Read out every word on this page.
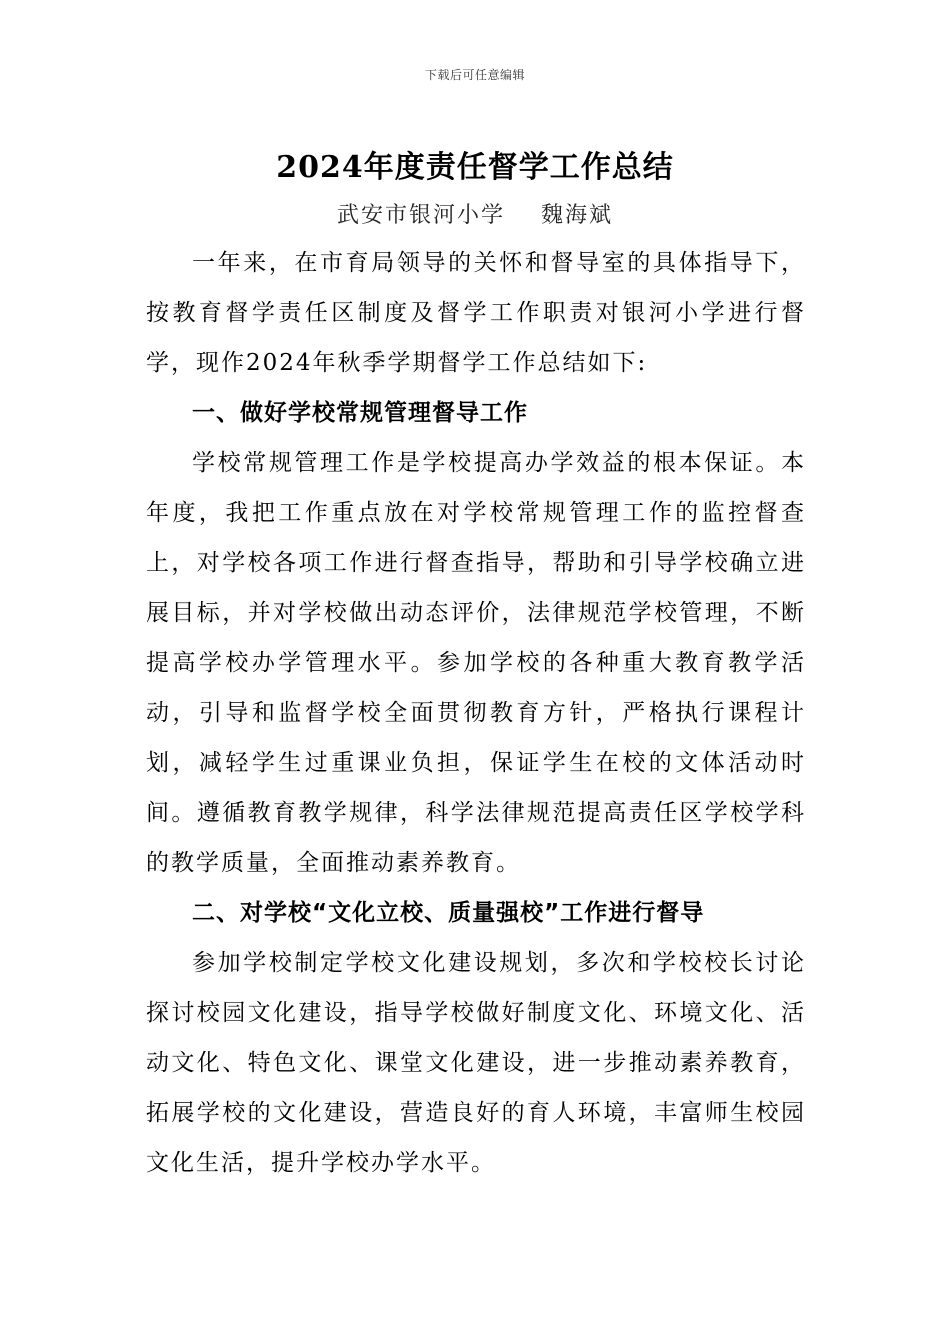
下载后可任意编辑
2024年度责任督学工作总结
武安市银河小学 魏海斌

一年来，在市育局领导的关怀和督导室的具体指导下，按教育督学责任区制度及督学工作职责对银河小学进行督学，现作2024年秋季学期督学工作总结如下:

一、做好学校常规管理督导工作

学校常规管理工作是学校提高办学效益的根本保证。本年度，我把工作重点放在对学校常规管理工作的监控督查上，对学校各项工作进行督查指导，帮助和引导学校确立进展目标，并对学校做出动态评价，法律规范学校管理，不断提高学校办学管理水平。参加学校的各种重大教育教学活动，引导和监督学校全面贯彻教育方针，严格执行课程计划，减轻学生过重课业负担，保证学生在校的文体活动时间。遵循教育教学规律，科学法律规范提高责任区学校学科的教学质量，全面推动素养教育。

二、对学校“文化立校、质量强校”工作进行督导

参加学校制定学校文化建设规划，多次和学校校长讨论探讨校园文化建设，指导学校做好制度文化、环境文化、活动文化、特色文化、课堂文化建设，进一步推动素养教育，拓展学校的文化建设，营造良好的育人环境，丰富师生校园文化生活，提升学校办学水平。
